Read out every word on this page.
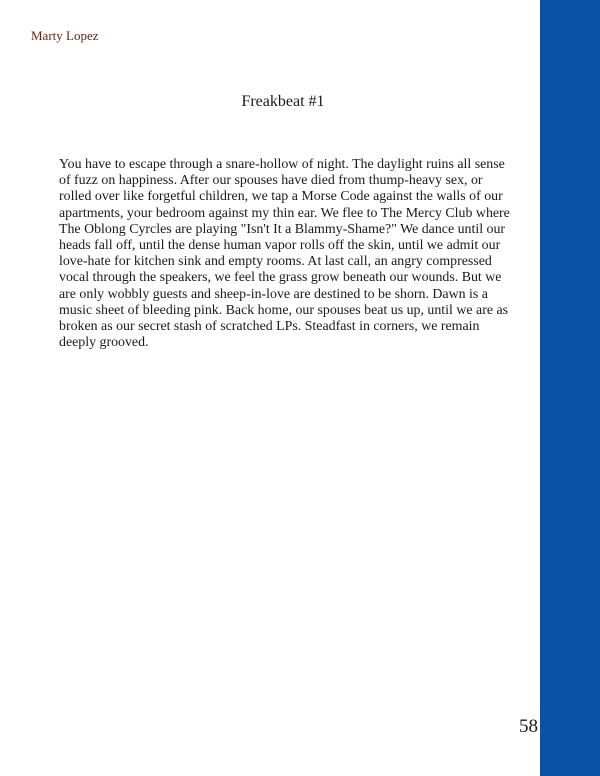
Marty Lopez
Freakbeat #1

You have to escape through a snare-hollow of night. The daylight ruins all sense of fuzz on happiness. After our spouses have died from thump-heavy sex, or rolled over like forgetful children, we tap a Morse Code against the walls of our apartments, your bedroom against my thin ear. We flee to The Mercy Club where The Oblong Cyrcles are playing "Isn't It a Blammy-Shame?" We dance until our heads fall off, until the dense human vapor rolls off the skin, until we admit our love-hate for kitchen sink and empty rooms. At last call, an angry compressed vocal through the speakers, we feel the grass grow beneath our wounds. But we are only wobbly guests and sheep-in-love are destined to be shorn. Dawn is a music sheet of bleeding pink. Back home, our spouses beat us up, until we are as broken as our secret stash of scratched LPs. Steadfast in corners, we remain deeply grooved.

58
